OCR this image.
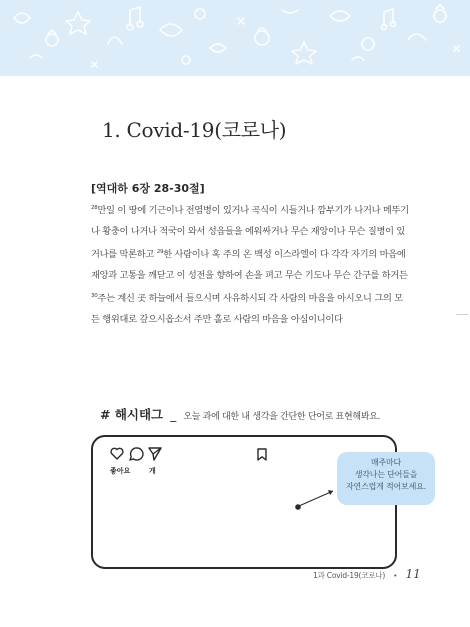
1. Covid-19(코로나)
[역대하 6장 28-30절]

$^{28}$만일 이 땅에 기근이나 전염병이 있거나 곡식이 시들거나 깜부기가 나거나 메뚜기나 황충이 나거나 적국이 와서 성읍들을 에워싸거나 무슨 재앙이나 무슨 질병이 있거나를 막론하고 $^{29}$한 사람이나 혹 주의 온 백성 이스라엘이 다 각각 자기의 마음에 재앙과 고통을 깨닫고 이 성전을 향하여 손을 펴고 무슨 기도나 무슨 간구를 하거든$^{30}$주는 계신 곳 하늘에서 들으시며 사유하시되 각 사람의 마음을 아시오니 그의 모든 행위대로 갚으시옵소서 주만 홀로 사람의 마음을 아심이니이다

# 해시태그 _ 오늘 과에 대한 내 생각을 간단한 단어로 표현해봐요.
좋아요	개
매주마다
생각나는 단어들을
자연스럽게 적어보세요.
1과 Covid-19(코로나) • 11
